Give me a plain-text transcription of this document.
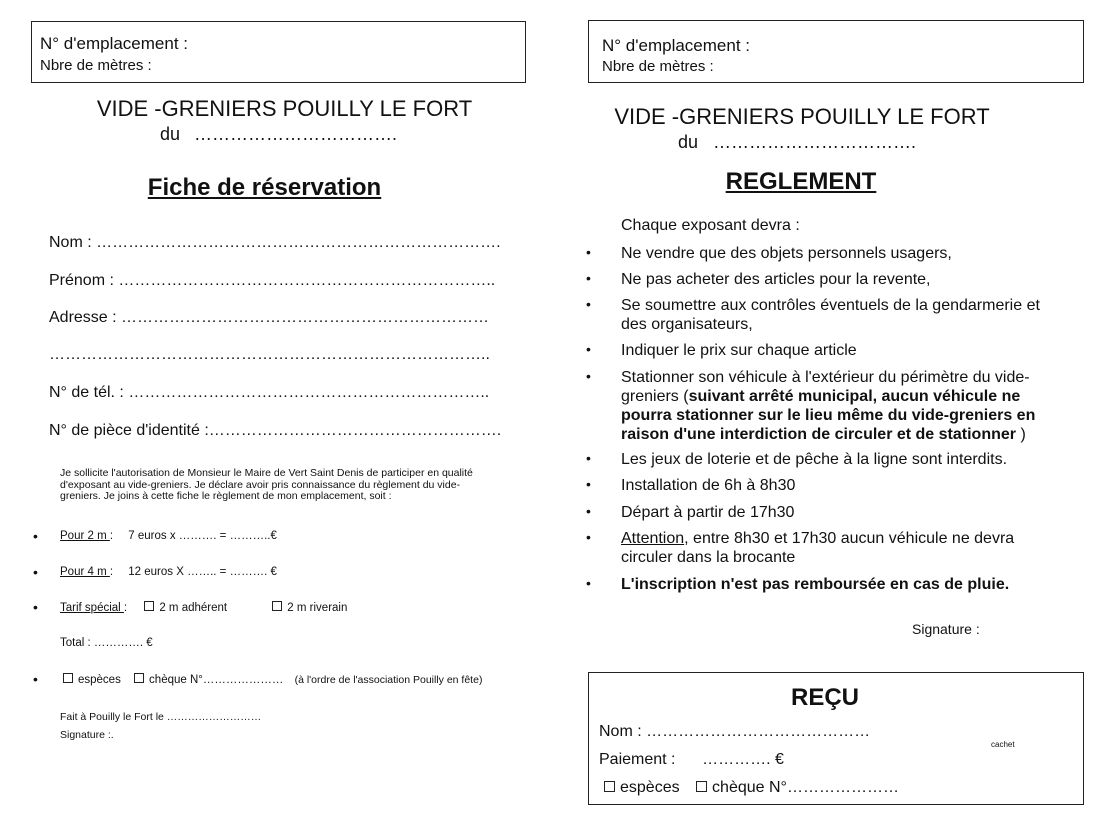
N° d'emplacement :
Nbre de mètres :
VIDE -GRENIERS POUILLY LE FORT
du …………………………….
Fiche de réservation
Nom : ………………………………………………………………….
Prénom : ……………………………………………………………..
Adresse : ……………………………………………………………
………………………………………………………………………..
N° de tél. : …………………………………………………………..
N° de pièce d'identité :……………………………………………….
Je sollicite l'autorisation de Monsieur le Maire de Vert Saint Denis de participer en qualité d'exposant au vide-greniers. Je déclare avoir pris connaissance du règlement du vide-greniers. Je joins à cette fiche le règlement de mon emplacement, soit :
• Pour 2 m : 7 euros x ………. = ………..€
• Pour 4 m : 12 euros X …….. = ………. €
• Tarif spécial :	2 m adhérent	2 m riverain
Total : …………. €
•	espèces chèque N°………………… (à l'ordre de l'association Pouilly en fête)
Fait à Pouilly le Fort le ………………………
Signature :.
N° d'emplacement :
Nbre de mètres :
VIDE -GRENIERS POUILLY LE FORT
du …………………………….
REGLEMENT
Chaque exposant devra :
• Ne vendre que des objets personnels usagers,
• Ne pas acheter des articles pour la revente,
• Se soumettre aux contrôles éventuels de la gendarmerie et des organisateurs,
• Indiquer le prix sur chaque article
• Stationner son véhicule à l'extérieur du périmètre du vide-greniers (suivant arrêté municipal, aucun véhicule ne pourra stationner sur le lieu même du vide-greniers en raison d'une interdiction de circuler et de stationner )
• Les jeux de loterie et de pêche à la ligne sont interdits.
• Installation de 6h à 8h30
• Départ à partir de 17h30
• Attention, entre 8h30 et 17h30 aucun véhicule ne devra circuler dans la brocante
• L'inscription n'est pas remboursée en cas de pluie.
Signature :
REÇU
Nom : ……………………………………
cachet
Paiement :      …………. €
espèces chèque N°…………………
